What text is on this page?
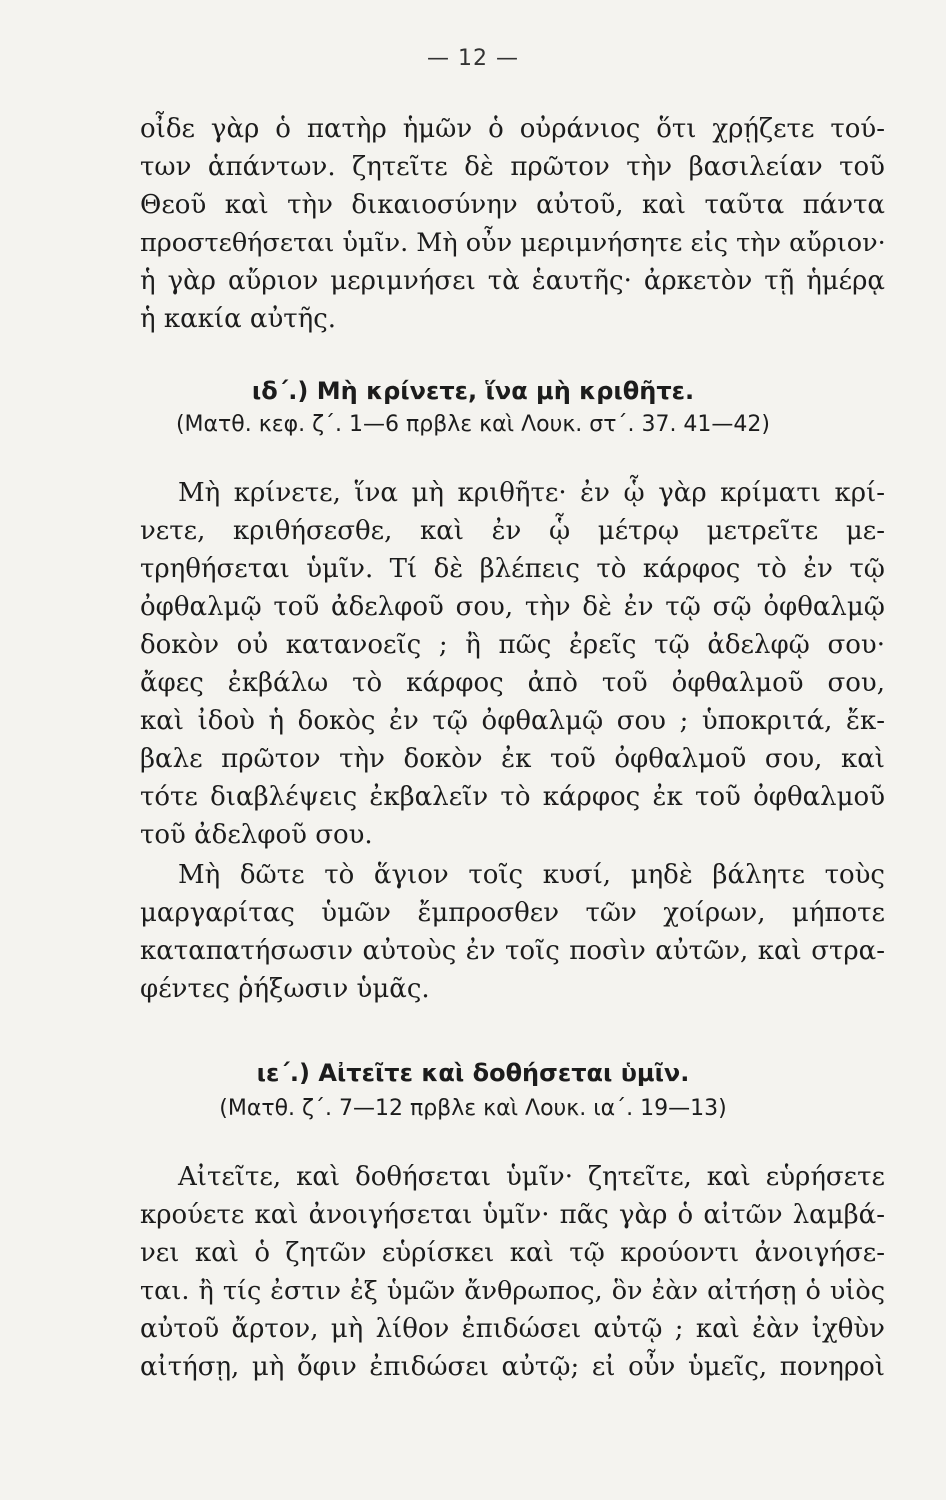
— 12 —
οἶδε γὰρ ὁ πατὴρ ἡμῶν ὁ οὐράνιος ὅτι χρῄζετε τού-
των ἁπάντων. ζητεῖτε δὲ πρῶτον τὴν βασιλείαν τοῦ
Θεοῦ καὶ τὴν δικαιοσύνην αὐτοῦ, καὶ ταῦτα πάντα
προστεθήσεται ὑμῖν. Μὴ οὖν μεριμνήσητε εἰς τὴν αὔριον·
ἡ γὰρ αὔριον μεριμνήσει τὰ ἑαυτῆς· ἀρκετὸν τῇ ἡμέρᾳ
ἡ κακία αὐτῆς.
ιδ΄.) Μὴ κρίνετε, ἵνα μὴ κριθῆτε.
(Ματθ. κεφ. ζ΄. 1—6 πρβλε καὶ Λουκ. στ΄. 37. 41—42)
Μὴ κρίνετε, ἵνα μὴ κριθῆτε· ἐν ᾧ γὰρ κρίματι κρί-
νετε, κριθήσεσθε, καὶ ἐν ᾧ μέτρῳ μετρεῖτε με-
τρηθήσεται ὑμῖν. Τί δὲ βλέπεις τὸ κάρφος τὸ ἐν τῷ
ὀφθαλμῷ τοῦ ἀδελφοῦ σου, τὴν δὲ ἐν τῷ σῷ ὀφθαλμῷ
δοκὸν οὐ κατανοεῖς ; ἢ πῶς ἐρεῖς τῷ ἀδελφῷ σου·
ἄφες ἐκβάλω τὸ κάρφος ἀπὸ τοῦ ὀφθαλμοῦ σου,
καὶ ἰδοὺ ἡ δοκὸς ἐν τῷ ὀφθαλμῷ σου ; ὑποκριτά, ἔκ-
βαλε πρῶτον τὴν δοκὸν ἐκ τοῦ ὀφθαλμοῦ σου, καὶ
τότε διαβλέψεις ἐκβαλεῖν τὸ κάρφος ἐκ τοῦ ὀφθαλμοῦ
τοῦ ἀδελφοῦ σου.
Μὴ δῶτε τὸ ἅγιον τοῖς κυσί, μηδὲ βάλητε τοὺς
μαργαρίτας ὑμῶν ἔμπροσθεν τῶν χοίρων, μήποτε
καταπατήσωσιν αὐτοὺς ἐν τοῖς ποσὶν αὐτῶν, καὶ στρα-
φέντες ῥήξωσιν ὑμᾶς.
ιε΄.) Αἰτεῖτε καὶ δοθήσεται ὑμῖν.
(Ματθ. ζ΄. 7—12 πρβλε καὶ Λουκ. ια΄. 19—13)
Αἰτεῖτε, καὶ δοθήσεται ὑμῖν· ζητεῖτε, καὶ εὑρήσετε
κρούετε καὶ ἀνοιγήσεται ὑμῖν· πᾶς γὰρ ὁ αἰτῶν λαμβά-
νει καὶ ὁ ζητῶν εὑρίσκει καὶ τῷ κρούοντι ἀνοιγήσε-
ται. ἢ τίς ἐστιν ἐξ ὑμῶν ἄνθρωπος, ὃν ἐὰν αἰτήσῃ ὁ υἱὸς
αὐτοῦ ἄρτον, μὴ λίθον ἐπιδώσει αὐτῷ ; καὶ ἐὰν ἰχθὺν
αἰτήσῃ, μὴ ὄφιν ἐπιδώσει αὐτῷ; εἰ οὖν ὑμεῖς, πονηροὶ
